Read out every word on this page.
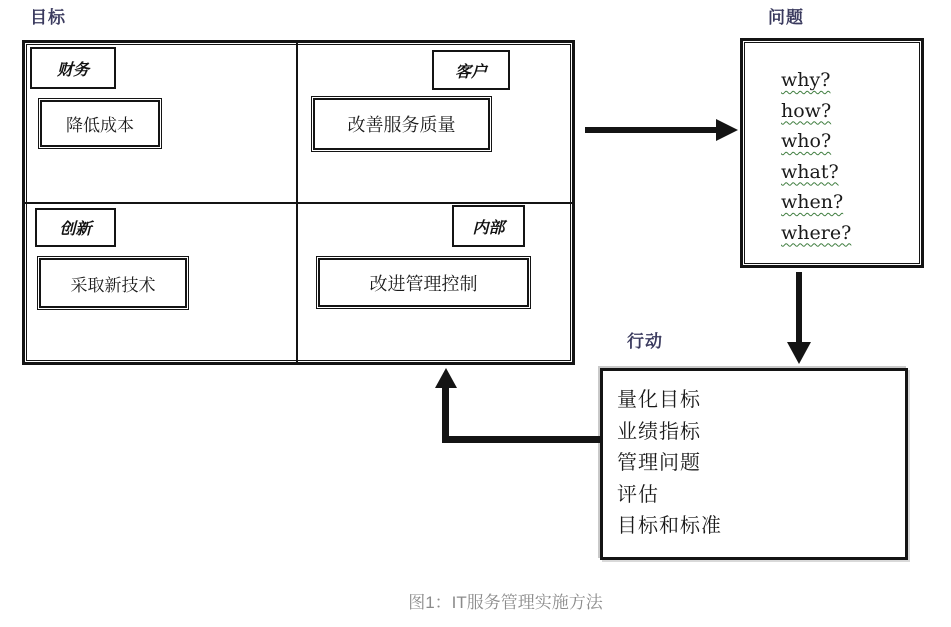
目标	问题
行动
财务
降低成本
客户
改善服务质量
创新
采取新技术
内部
改进管理控制
why?
how?
who?
what?
when?
where?
量化目标
业绩指标
管理问题
评估
目标和标准
图1：IT服务管理实施方法
